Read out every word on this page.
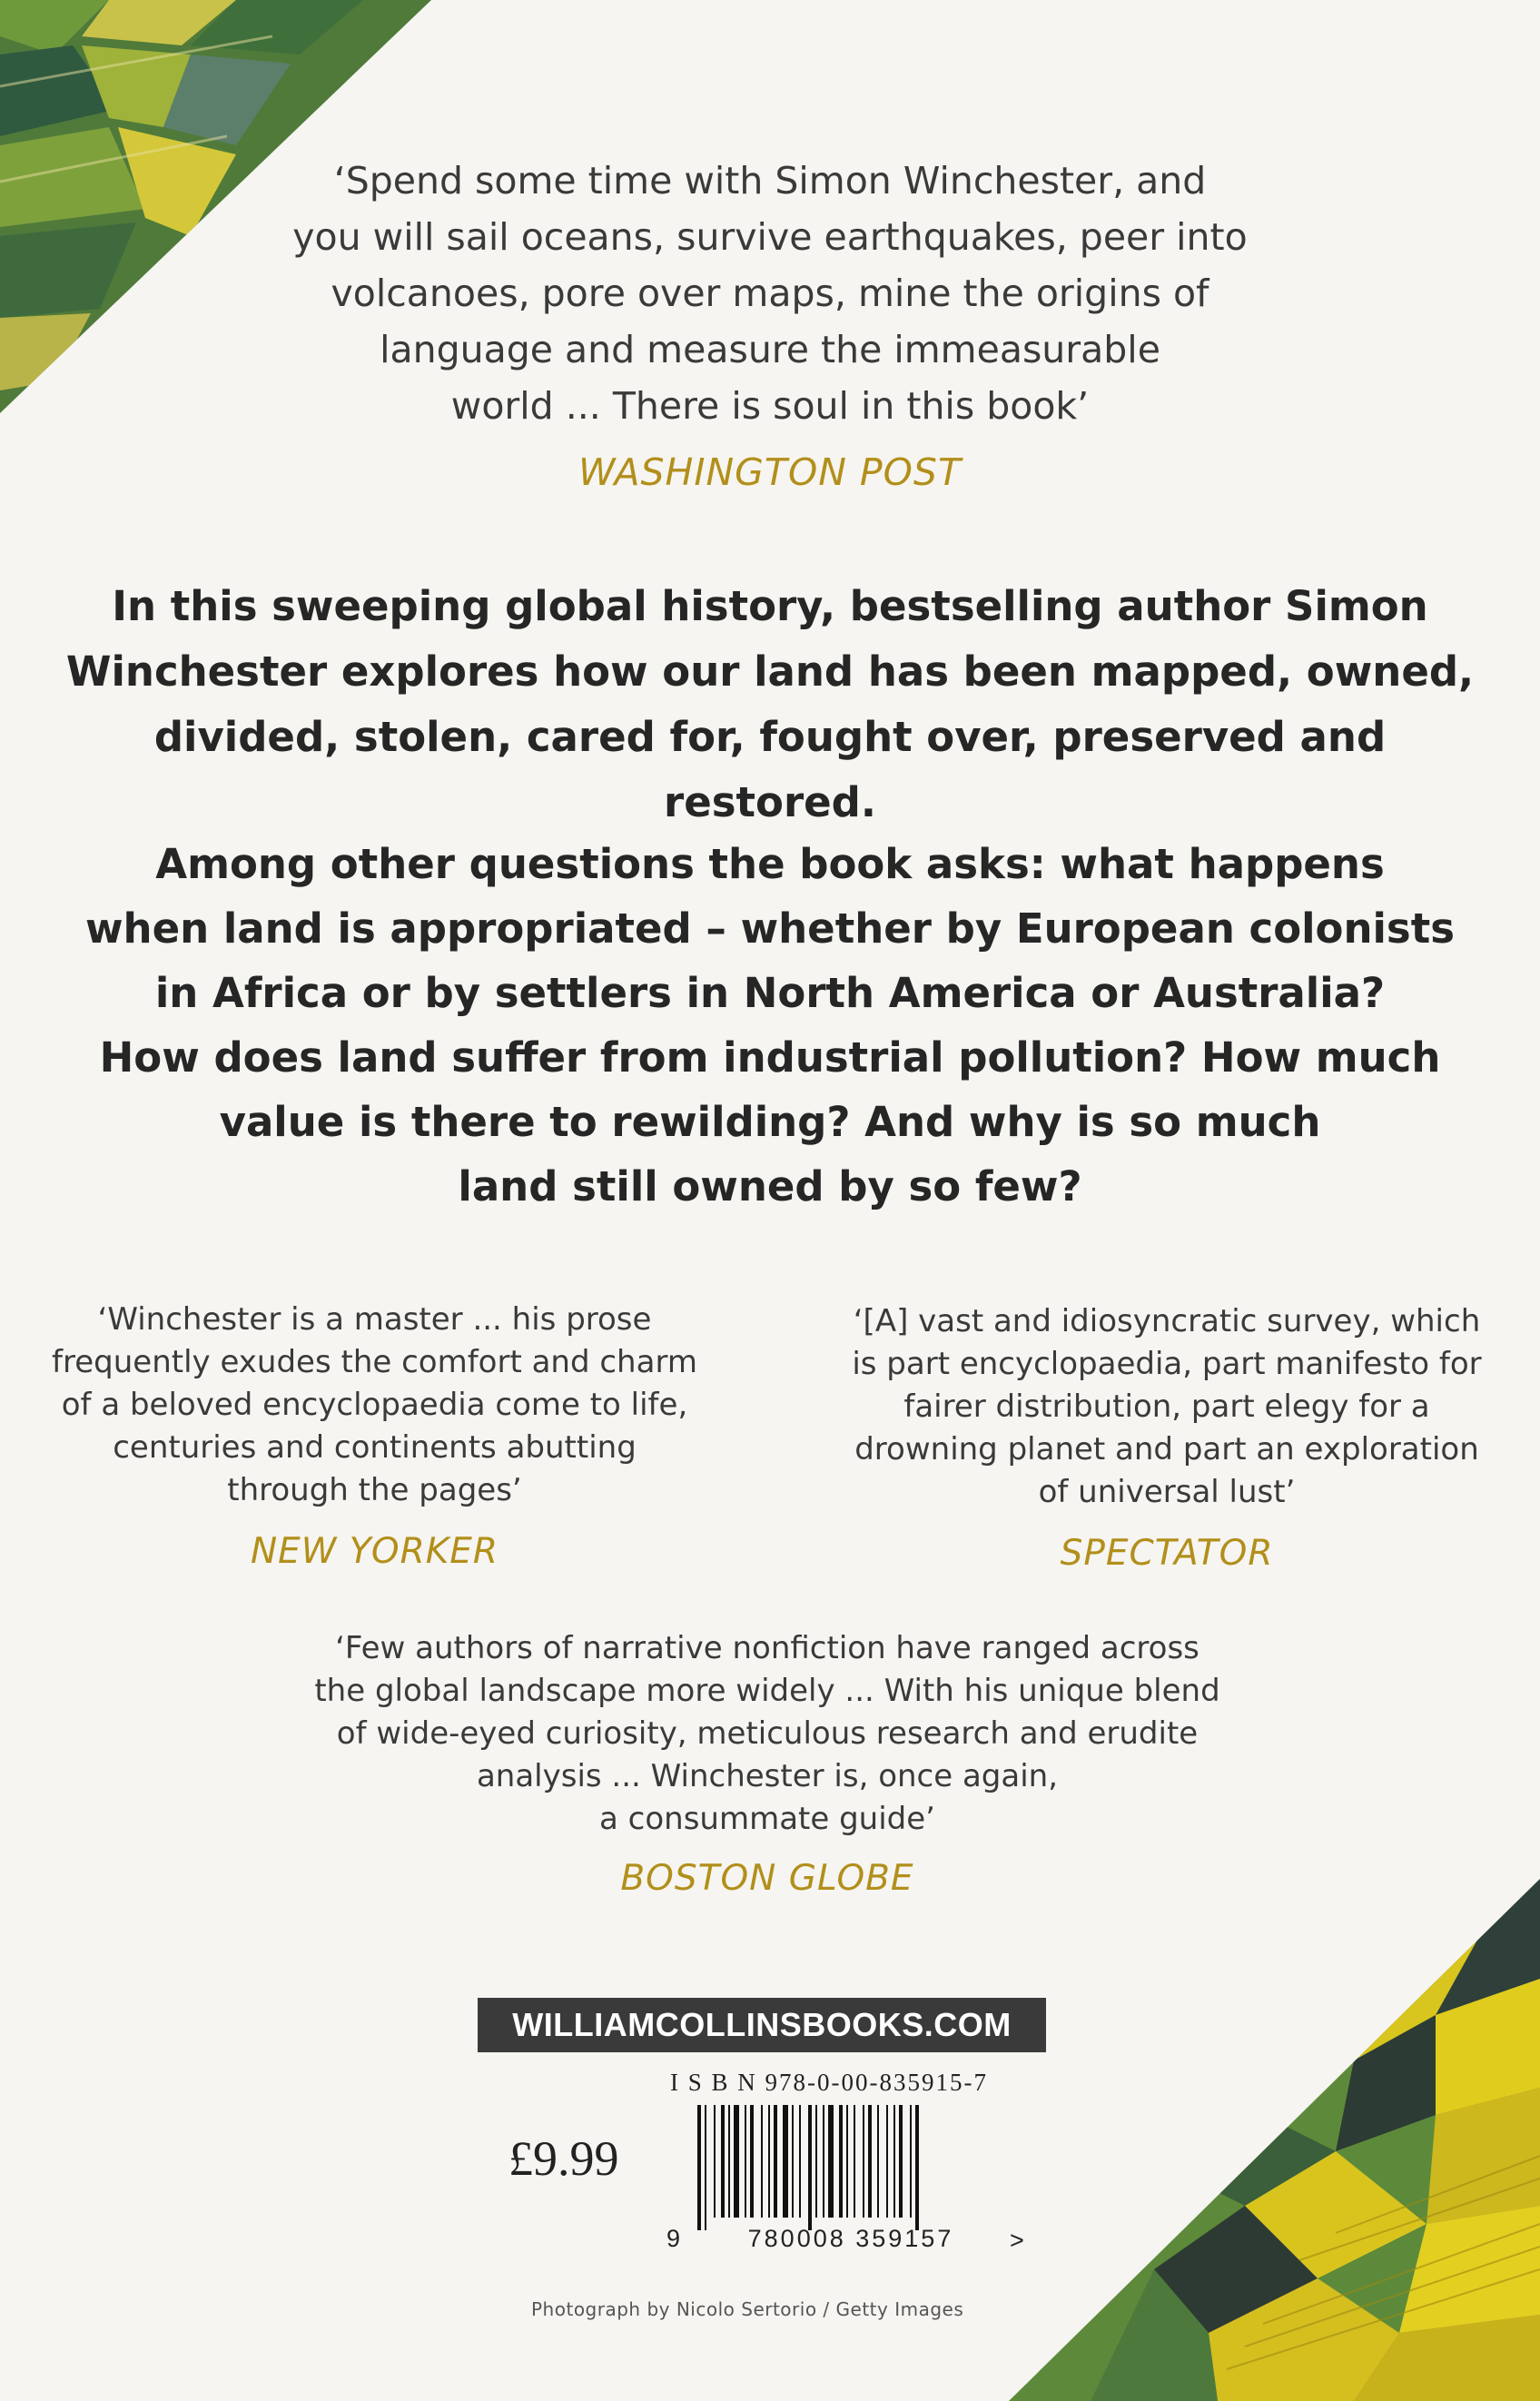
‘Spend some time with Simon Winchester, and
you will sail oceans, survive earthquakes, peer into
volcanoes, pore over maps, mine the origins of
language and measure the immeasurable
world ... There is soul in this book’
WASHINGTON POST
In this sweeping global history, bestselling author Simon
Winchester explores how our land has been mapped, owned,
divided, stolen, cared for, fought over, preserved and restored.
Among other questions the book asks: what happens
when land is appropriated – whether by European colonists
in Africa or by settlers in North America or Australia?
How does land suffer from industrial pollution? How much
value is there to rewilding? And why is so much
land still owned by so few?
‘Winchester is a master ... his prose
frequently exudes the comfort and charm
of a beloved encyclopaedia come to life,
centuries and continents abutting
through the pages’
NEW YORKER
‘[A] vast and idiosyncratic survey, which
is part encyclopaedia, part manifesto for
fairer distribution, part elegy for a
drowning planet and part an exploration
of universal lust’
SPECTATOR
‘Few authors of narrative nonfiction have ranged across
the global landscape more widely ... With his unique blend
of wide-eyed curiosity, meticulous research and erudite
analysis ... Winchester is, once again,
a consummate guide’
BOSTON GLOBE
WILLIAMCOLLINSBOOKS.COM
I S B N 978-0-00-835915-7
9	780008 359157	>
£9.99
Photograph by Nicolo Sertorio / Getty Images
